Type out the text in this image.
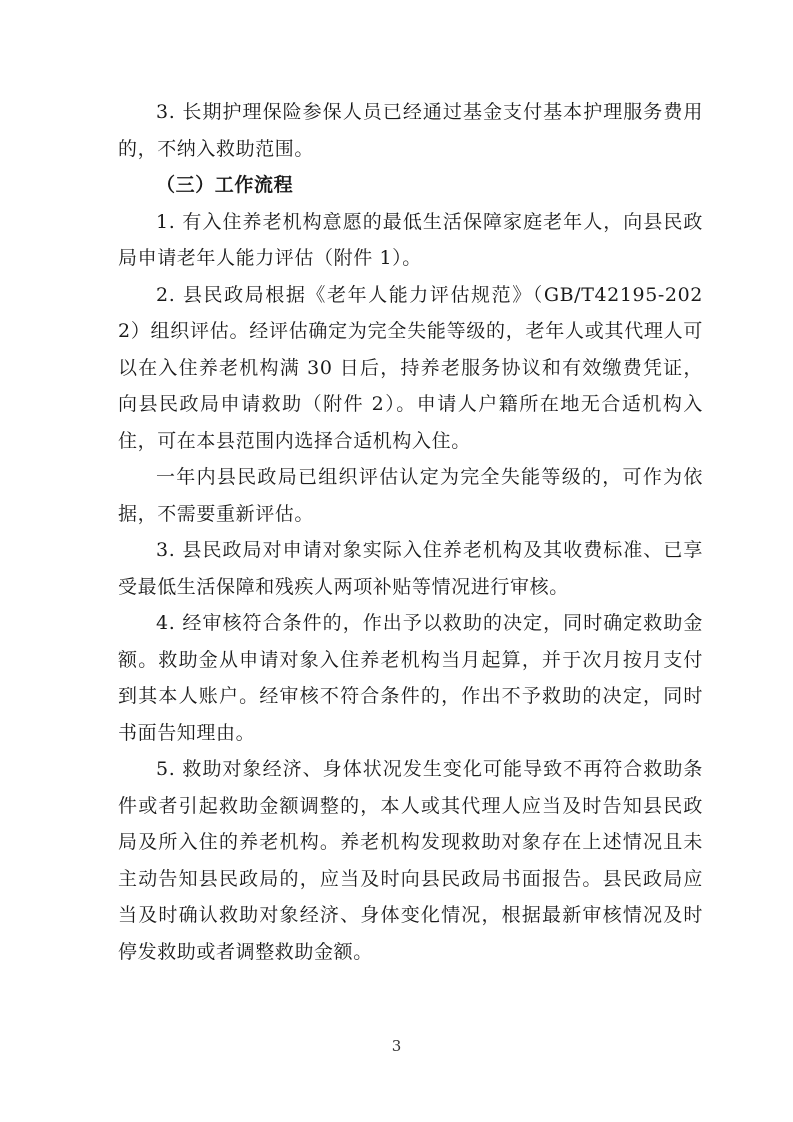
3. 长期护理保险参保人员已经通过基金支付基本护理服务费用的，不纳入救助范围。

（三）工作流程

1. 有入住养老机构意愿的最低生活保障家庭老年人，向县民政局申请老年人能力评估（附件 1）。

2. 县民政局根据《老年人能力评估规范》（GB/T42195-2022）组织评估。经评估确定为完全失能等级的，老年人或其代理人可以在入住养老机构满 30 日后，持养老服务协议和有效缴费凭证，向县民政局申请救助（附件 2）。申请人户籍所在地无合适机构入住，可在本县范围内选择合适机构入住。

一年内县民政局已组织评估认定为完全失能等级的，可作为依据，不需要重新评估。

3. 县民政局对申请对象实际入住养老机构及其收费标准、已享受最低生活保障和残疾人两项补贴等情况进行审核。

4. 经审核符合条件的，作出予以救助的决定，同时确定救助金额。救助金从申请对象入住养老机构当月起算，并于次月按月支付到其本人账户。经审核不符合条件的，作出不予救助的决定，同时书面告知理由。

5. 救助对象经济、身体状况发生变化可能导致不再符合救助条件或者引起救助金额调整的，本人或其代理人应当及时告知县民政局及所入住的养老机构。养老机构发现救助对象存在上述情况且未主动告知县民政局的，应当及时向县民政局书面报告。县民政局应当及时确认救助对象经济、身体变化情况，根据最新审核情况及时停发救助或者调整救助金额。

3
